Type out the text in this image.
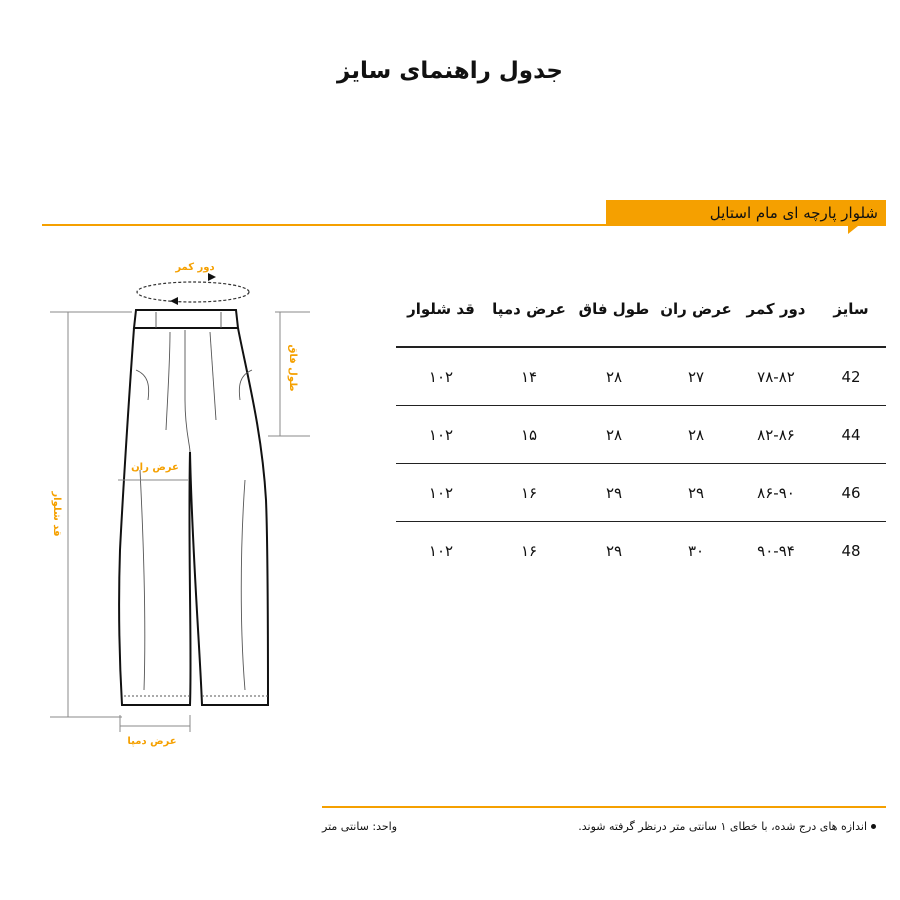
جدول راهنمای سایز
شلوار پارچه ای مام استایل
دور کمر
طول فاق
عرض ران
قد شلوار
عرض دمپا
سایز
دور کمر
عرض ران
طول فاق
عرض دمپا
قد شلوار
42
۷۸-۸۲
۲۷
۲۸
۱۴
۱۰۲
44
۸۲-۸۶
۲۸
۲۸
۱۵
۱۰۲
46
۸۶-۹۰
۲۹
۲۹
۱۶
۱۰۲
48
۹۰-۹۴
۳۰
۲۹
۱۶
۱۰۲
اندازه های درج شده، با خطای ۱ سانتی متر درنظر گرفته شوند.
واحد: سانتی متر
